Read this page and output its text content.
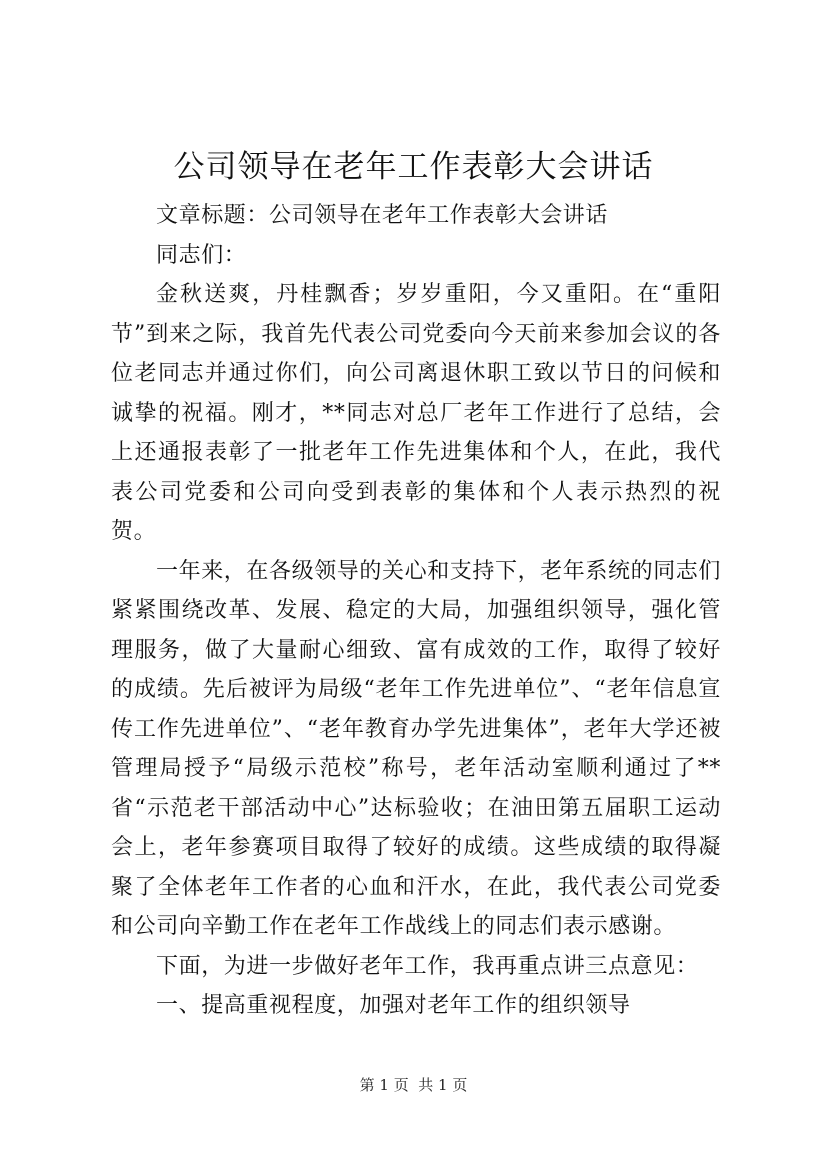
公司领导在老年工作表彰大会讲话

文章标题：公司领导在老年工作表彰大会讲话

同志们：

金秋送爽，丹桂飘香；岁岁重阳，今又重阳。在“重阳节”到来之际，我首先代表公司党委向今天前来参加会议的各位老同志并通过你们，向公司离退休职工致以节日的问候和诚挚的祝福。刚才，**同志对总厂老年工作进行了总结，会上还通报表彰了一批老年工作先进集体和个人，在此，我代表公司党委和公司向受到表彰的集体和个人表示热烈的祝贺。

一年来，在各级领导的关心和支持下，老年系统的同志们紧紧围绕改革、发展、稳定的大局，加强组织领导，强化管理服务，做了大量耐心细致、富有成效的工作，取得了较好的成绩。先后被评为局级“老年工作先进单位”、“老年信息宣传工作先进单位”、“老年教育办学先进集体”，老年大学还被管理局授予“局级示范校”称号，老年活动室顺利通过了**省“示范老干部活动中心”达标验收；在油田第五届职工运动会上，老年参赛项目取得了较好的成绩。这些成绩的取得凝聚了全体老年工作者的心血和汗水，在此，我代表公司党委和公司向辛勤工作在老年工作战线上的同志们表示感谢。

下面，为进一步做好老年工作，我再重点讲三点意见：

一、提高重视程度，加强对老年工作的组织领导

第 1 页  共 1 页
